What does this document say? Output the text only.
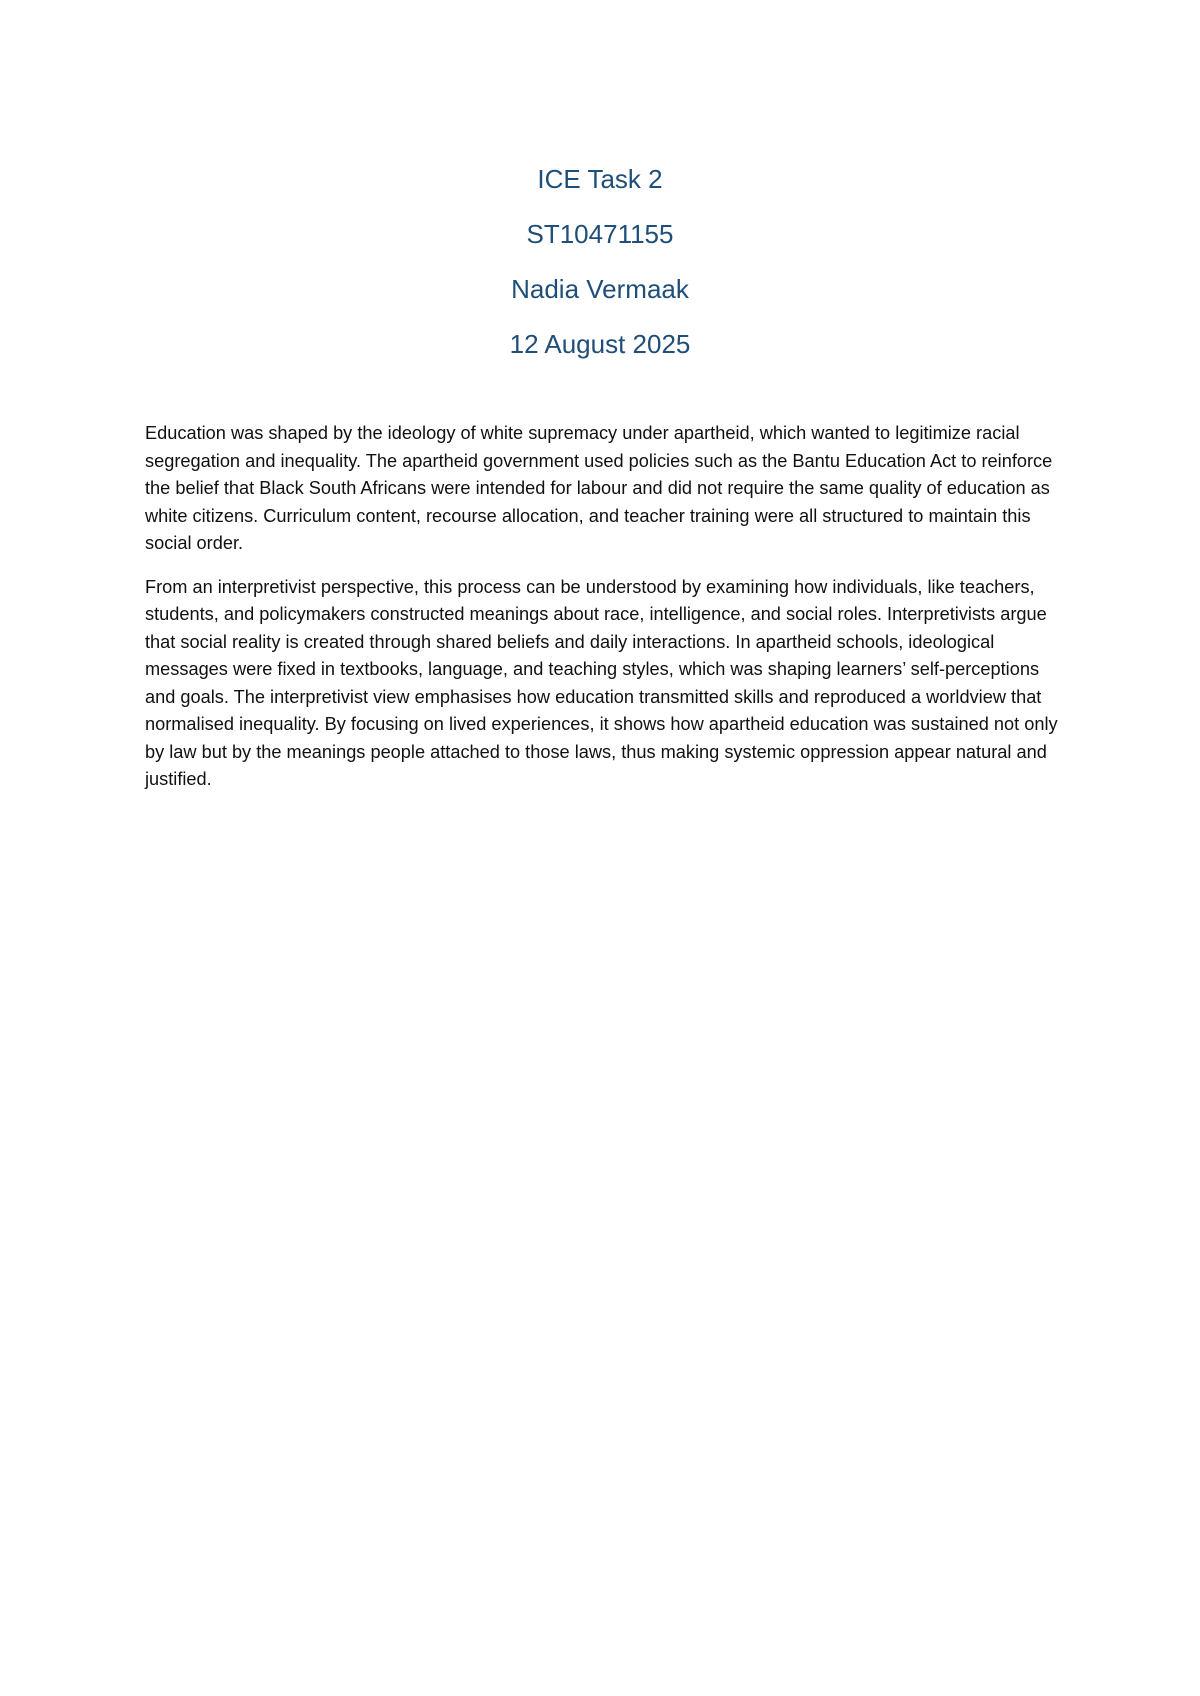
ICE Task 2
ST10471155
Nadia Vermaak
12 August 2025

Education was shaped by the ideology of white supremacy under apartheid, which wanted to legitimize racial segregation and inequality. The apartheid government used policies such as the Bantu Education Act to reinforce the belief that Black South Africans were intended for labour and did not require the same quality of education as white citizens. Curriculum content, recourse allocation, and teacher training were all structured to maintain this social order.

From an interpretivist perspective, this process can be understood by examining how individuals, like teachers, students, and policymakers constructed meanings about race, intelligence, and social roles. Interpretivists argue that social reality is created through shared beliefs and daily interactions. In apartheid schools, ideological messages were fixed in textbooks, language, and teaching styles, which was shaping learners’ self-perceptions and goals. The interpretivist view emphasises how education transmitted skills and reproduced a worldview that normalised inequality. By focusing on lived experiences, it shows how apartheid education was sustained not only by law but by the meanings people attached to those laws, thus making systemic oppression appear natural and justified.
